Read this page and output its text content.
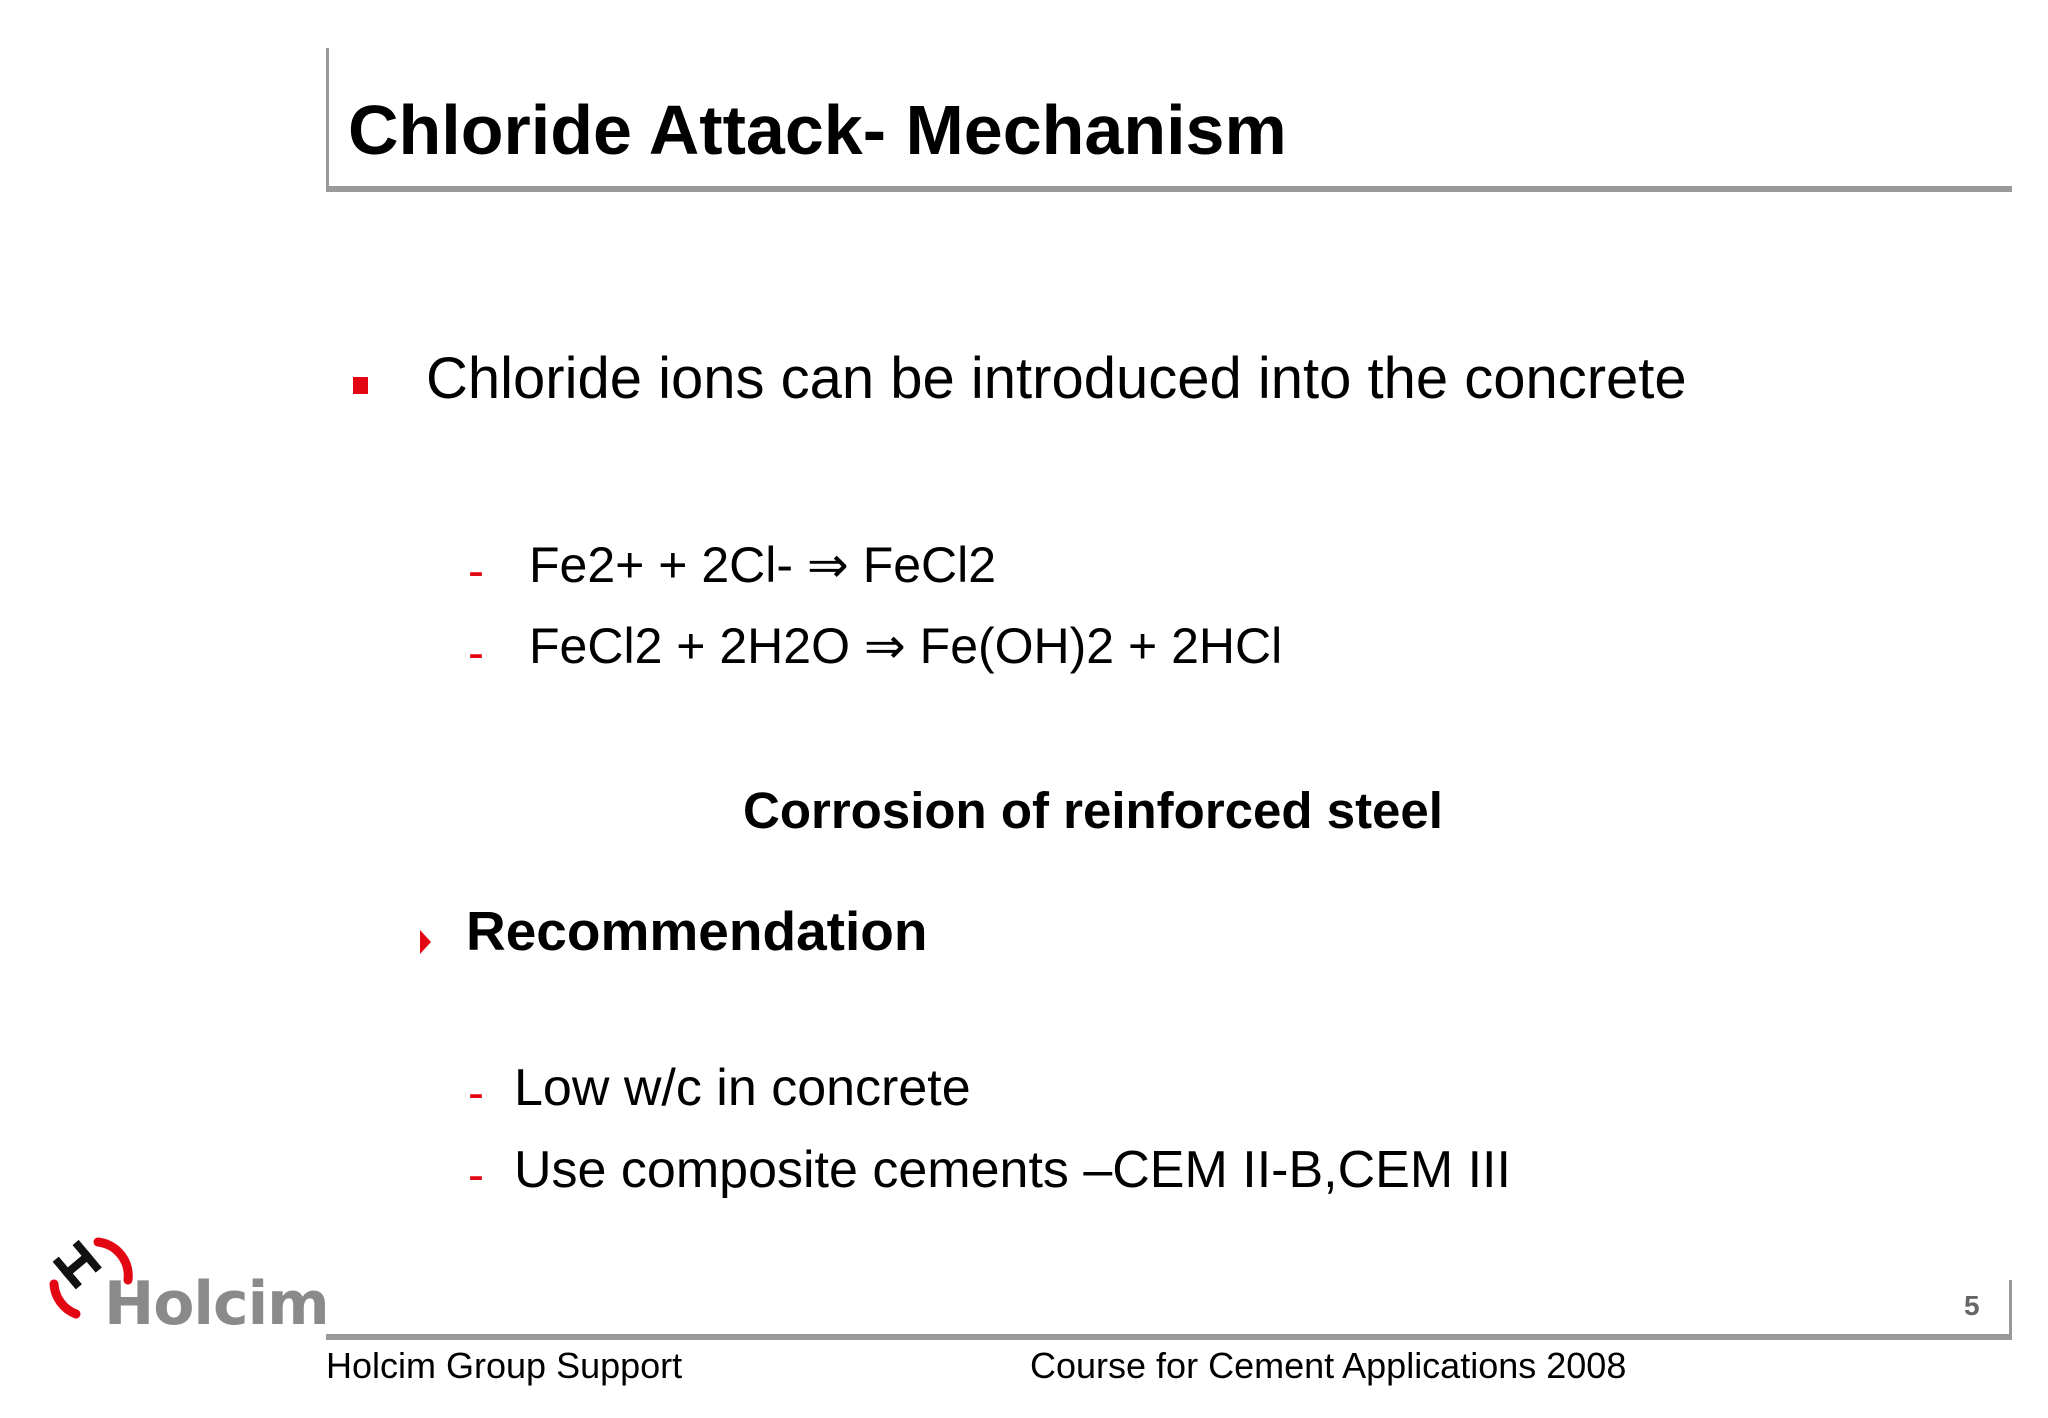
Chloride Attack- Mechanism
Chloride ions can be introduced into the concrete
- Fe2+ + 2Cl- ⇒ FeCl2
- FeCl2 + 2H2O ⇒ Fe(OH)2 + 2HCl
Corrosion of reinforced steel
Recommendation
- Low w/c in concrete
- Use composite cements –CEM II-B,CEM III
Holcim	5
Holcim Group Support	Course for Cement Applications 2008
